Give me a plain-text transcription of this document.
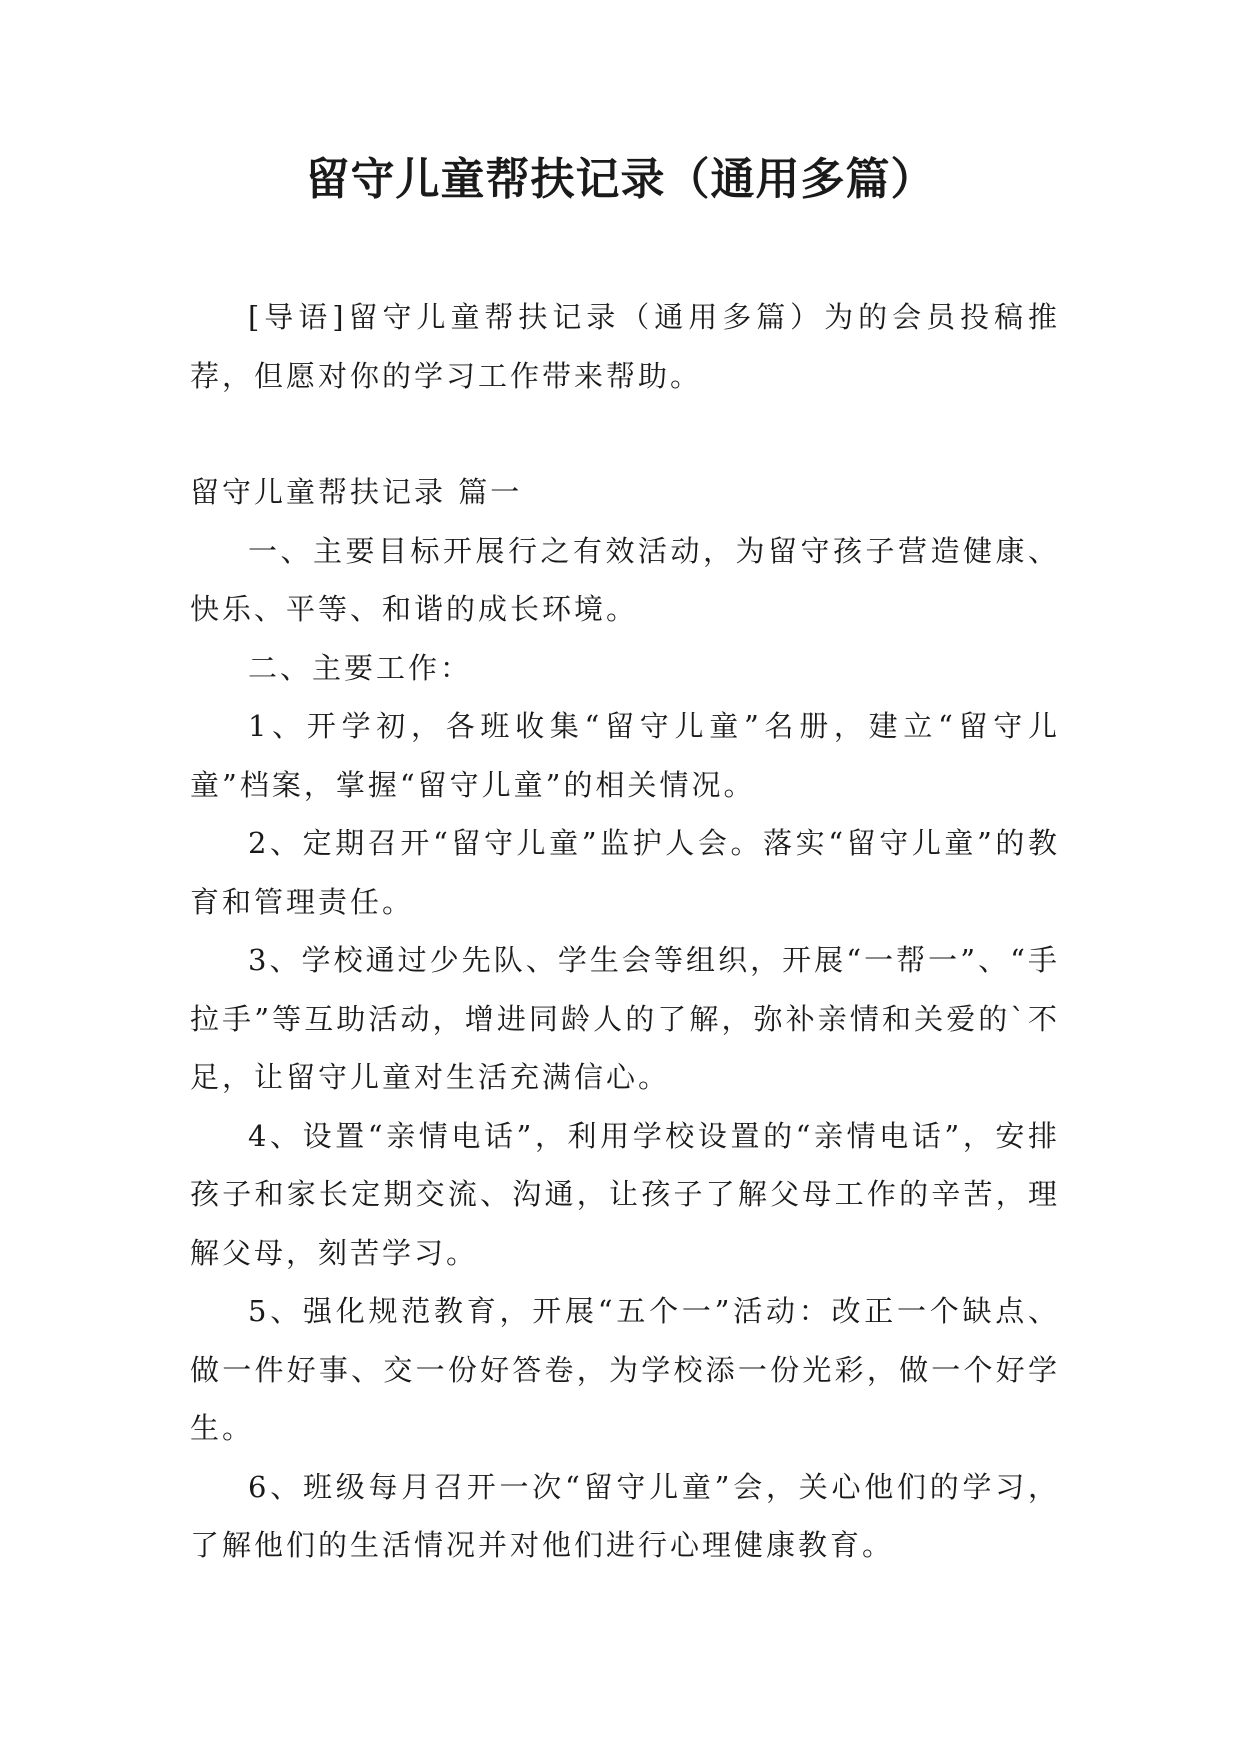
留守儿童帮扶记录（通用多篇）

[导语]留守儿童帮扶记录（通用多篇）为的会员投稿推荐，但愿对你的学习工作带来帮助。

留守儿童帮扶记录 篇一

一、主要目标开展行之有效活动，为留守孩子营造健康、快乐、平等、和谐的成长环境。

二、主要工作：

1、开学初，各班收集“留守儿童”名册，建立“留守儿童”档案，掌握“留守儿童”的相关情况。

2、定期召开“留守儿童”监护人会。落实“留守儿童”的教育和管理责任。

3、学校通过少先队、学生会等组织，开展“一帮一”、“手拉手”等互助活动，增进同龄人的了解，弥补亲情和关爱的`不足，让留守儿童对生活充满信心。

4、设置“亲情电话”，利用学校设置的“亲情电话”，安排孩子和家长定期交流、沟通，让孩子了解父母工作的辛苦，理解父母，刻苦学习。

5、强化规范教育，开展“五个一”活动：改正一个缺点、做一件好事、交一份好答卷，为学校添一份光彩，做一个好学生。

6、班级每月召开一次“留守儿童”会，关心他们的学习，了解他们的生活情况并对他们进行心理健康教育。
